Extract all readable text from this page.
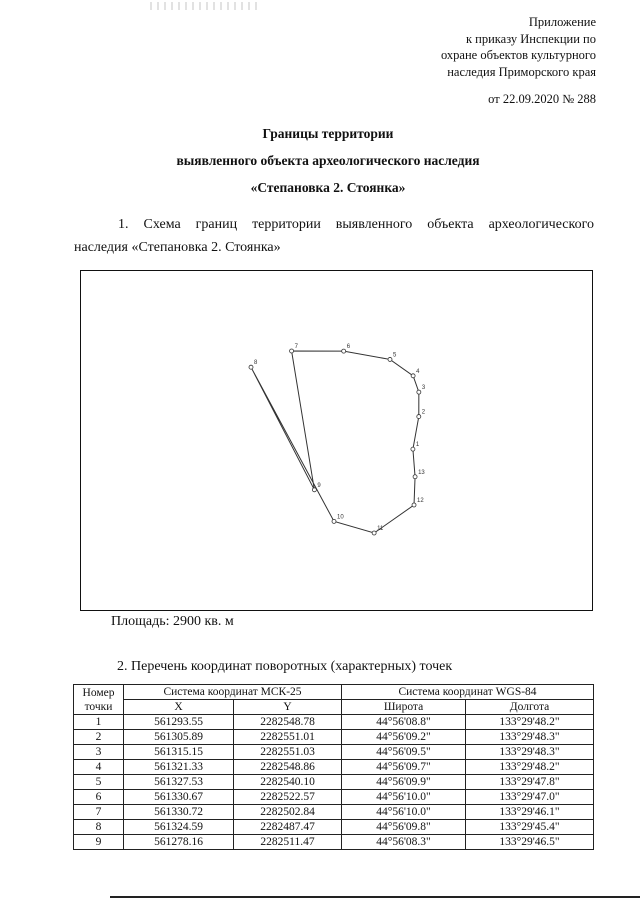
Приложение
к приказу Инспекции по
охране объектов культурного
наследия Приморского края
от 22.09.2020 № 288
Границы территории
выявленного объекта археологического наследия
«Степановка 2. Стоянка»
1. Схема границ территории выявленного объекта археологического
наследия «Степановка 2. Стоянка»
1
2
3
4
5
6
7
8
9
10
11
12
13
Площадь: 2900 кв. м
2. Перечень координат поворотных (характерных) точек
Номер точки	Система координат МСК-25		Система координат WGS-84	
	X	Y	Широта	Долгота
1	561293.55	2282548.78	44°56'08.8"	133°29'48.2"
2	561305.89	2282551.01	44°56'09.2"	133°29'48.3"
3	561315.15	2282551.03	44°56'09.5"	133°29'48.3"
4	561321.33	2282548.86	44°56'09.7"	133°29'48.2"
5	561327.53	2282540.10	44°56'09.9"	133°29'47.8"
6	561330.67	2282522.57	44°56'10.0"	133°29'47.0"
7	561330.72	2282502.84	44°56'10.0"	133°29'46.1"
8	561324.59	2282487.47	44°56'09.8"	133°29'45.4"
9	561278.16	2282511.47	44°56'08.3"	133°29'46.5"
